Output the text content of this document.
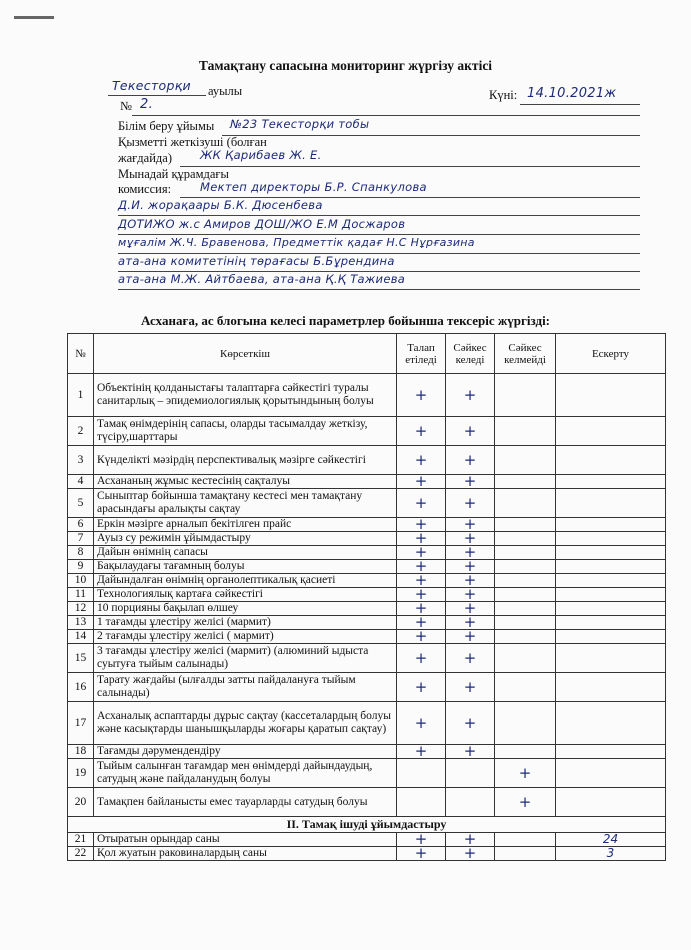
Тамақтану сапасына мониторинг жүргізу актісі
Текесторқи ауылы	Күні: 14.10.2021ж
№ 2.
Білім беру ұйымы №23 Текесторқи тобы
Қызметті жеткізуші (болған
жағдайда) ЖК Қарибаев Ж. Е.
Мынадай құрамдағы
комиссия:	Мектеп директоры Б.Р. Спанкулова
Д.И. жорақаары Б.К. Дюсенбева
ДОТИЖО ж.с Амиров ДОШ/ЖО Е.М Досжаров
мұғалім Ж.Ч. Бравенова, Предметтік қадағ Н.С Нұрғазина
ата-ана комитетінің төрағасы Б.Бұрендина
ата-ана М.Ж. Айтбаева, ата-ана Қ.Қ Тажиева
Асханаға, ас блогына келесі параметрлер бойынша тексеріс жүргізді:
№	Көрсеткіш	Талап етіледі	Сәйкес келеді	Сәйкес келмейді	Ескерту
1	Объектінің қолданыстағы талаптарға сәйкестігі туралы санитарлық – эпидемиологиялық қорытындының болуы	+	+		
2	Тамақ өнімдерінің сапасы, оларды тасымалдау жеткізу, түсіру,шарттары	+	+		
3	Күнделікті мәзірдің перспективалық мәзірге сәйкестігі	+	+		
4	Асхананың жұмыс кестесінің сақталуы	+	+		
5	Сыныптар бойынша тамақтану кестесі мен тамақтану арасындағы аралықты сақтау	+	+		
6	Еркін мәзірге арналып бекітілген прайс	+	+		
7	Ауыз су режимін ұйымдастыру	+	+		
8	Дайын өнімнің сапасы	+	+		
9	Бақылаудағы тағамның болуы	+	+		
10	Дайындалған өнімнің органолептикалық қасиеті	+	+		
11	Технологиялық картаға сәйкестігі	+	+		
12	10 порцияны бақылап өлшеу	+	+		
13	1 тағамды ұлестіру желісі (мармит)	+	+		
14	2 тағамды ұлестіру желісі ( мармит)	+	+		
15	3 тағамды ұлестіру желісі (мармит) (алюминий ыдыста суытуға тыйым салынады)	+	+		
16	Тарату жағдайы (ылғалды затты пайдалануға тыйым салынады)	+	+		
17	Асханалық аспаптарды дұрыс сақтау (кассеталардың болуы және касықтарды шанышқыларды жоғары қаратып сақтау)	+	+		
18	Тағамды дәрумендендіру	+	+		
19	Тыйым салынған тағамдар мен өнімдерді дайындаудың, сатудың және пайдаланудың болуы			+	
20	Тамақпен байланысты емес тауарларды сатудың болуы			+	
II. Тамақ ішуді ұйымдастыру					
21	Отыратын орындар саны	+	+		24
22	Қол жуатын раковиналардың саны	+	+		3
